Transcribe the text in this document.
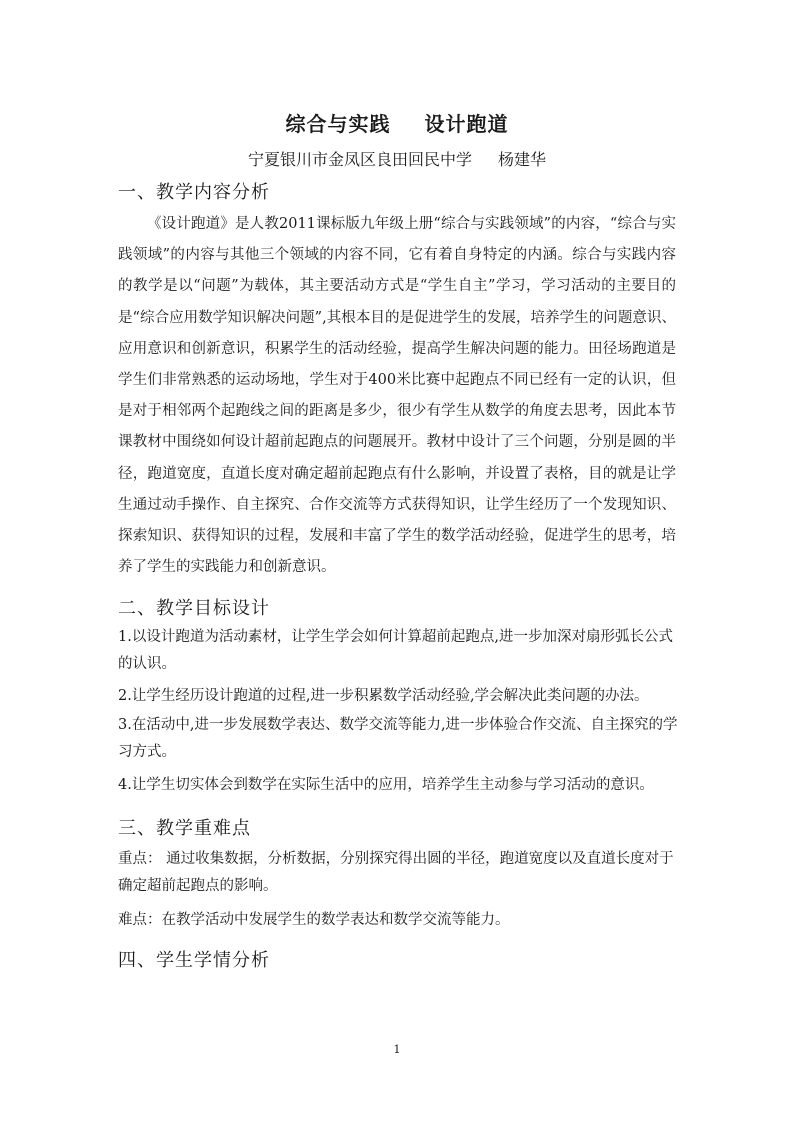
综合与实践 设计跑道
宁夏银川市金凤区良田回民中学 杨建华
一、教学内容分析
《设计跑道》是人教2011课标版九年级上册“综合与实践领域”的内容，“综合与实践领域”的内容与其他三个领域的内容不同，它有着自身特定的内涵。综合与实践内容的教学是以“问题”为载体，其主要活动方式是“学生自主”学习，学习活动的主要目的是“综合应用数学知识解决问题”,其根本目的是促进学生的发展，培养学生的问题意识、应用意识和创新意识，积累学生的活动经验，提高学生解决问题的能力。田径场跑道是学生们非常熟悉的运动场地，学生对于400米比赛中起跑点不同已经有一定的认识，但是对于相邻两个起跑线之间的距离是多少，很少有学生从数学的角度去思考，因此本节课教材中围绕如何设计超前起跑点的问题展开。教材中设计了三个问题，分别是圆的半径，跑道宽度，直道长度对确定超前起跑点有什么影响，并设置了表格，目的就是让学生通过动手操作、自主探究、合作交流等方式获得知识，让学生经历了一个发现知识、探索知识、获得知识的过程，发展和丰富了学生的数学活动经验，促进学生的思考，培养了学生的实践能力和创新意识。
二、教学目标设计
1.以设计跑道为活动素材，让学生学会如何计算超前起跑点,进一步加深对扇形弧长公式的认识。
2.让学生经历设计跑道的过程,进一步积累数学活动经验,学会解决此类问题的办法。
3.在活动中,进一步发展数学表达、数学交流等能力,进一步体验合作交流、自主探究的学习方式。
4.让学生切实体会到数学在实际生活中的应用，培养学生主动参与学习活动的意识。
三、教学重难点
重点： 通过收集数据，分析数据，分别探究得出圆的半径，跑道宽度以及直道长度对于确定超前起跑点的影响。
难点：在教学活动中发展学生的数学表达和数学交流等能力。
四、学生学情分析
1
